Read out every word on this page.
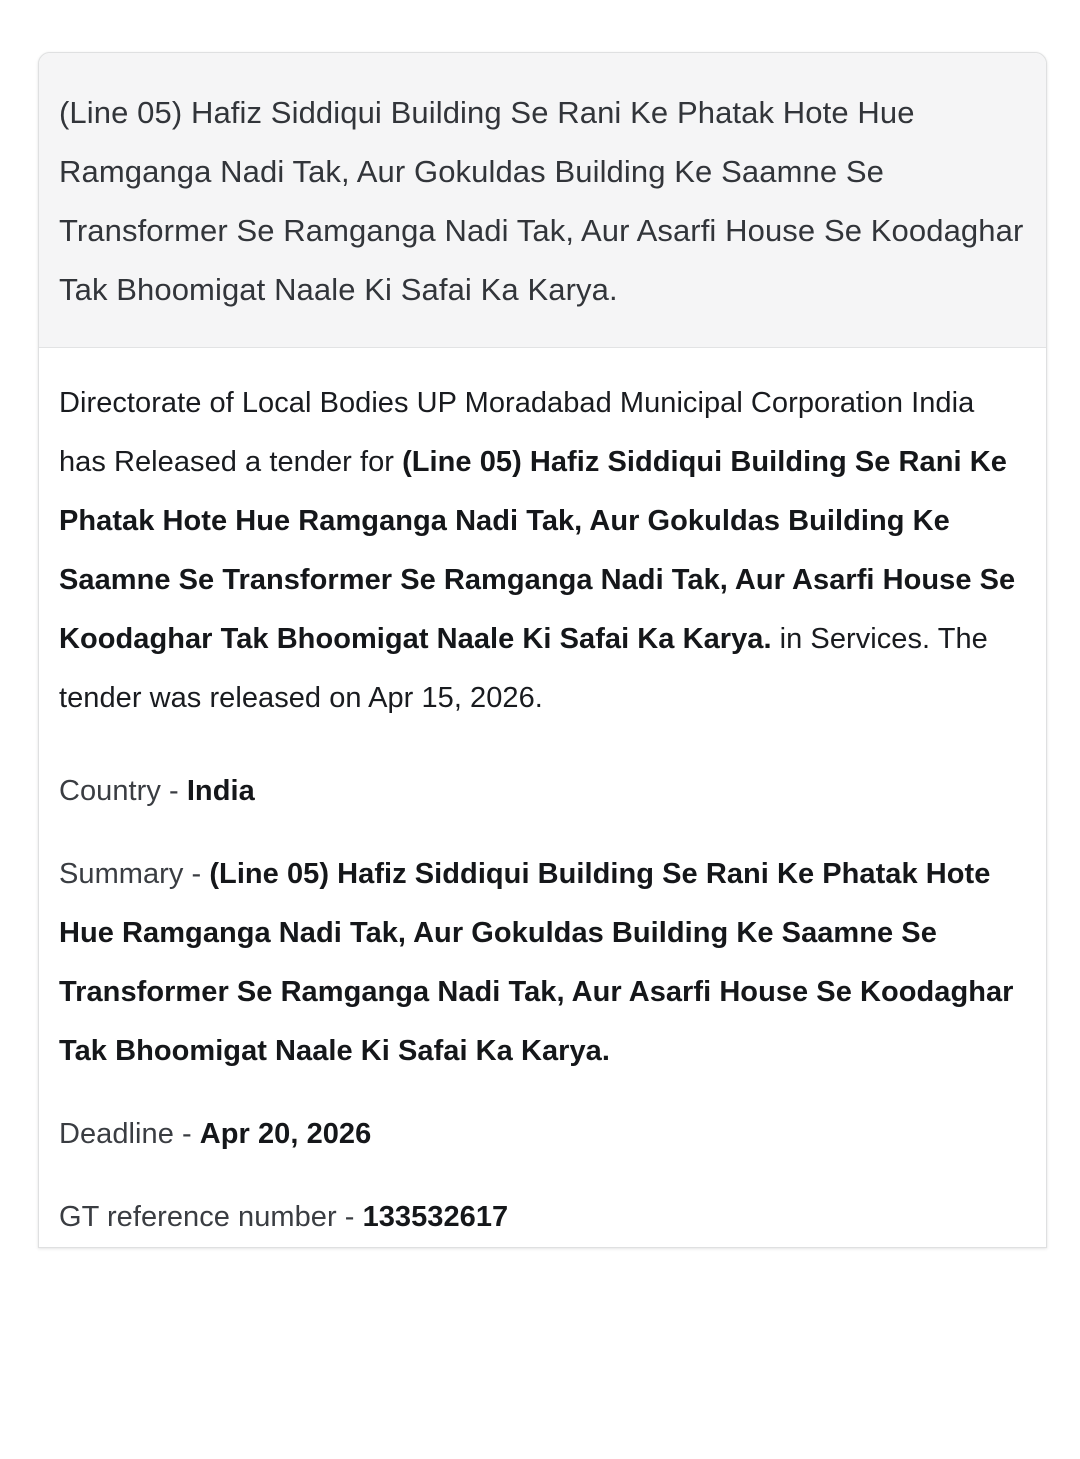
(Line 05) Hafiz Siddiqui Building Se Rani Ke Phatak Hote Hue Ramganga Nadi Tak, Aur Gokuldas Building Ke Saamne Se Transformer Se Ramganga Nadi Tak, Aur Asarfi House Se Koodaghar Tak Bhoomigat Naale Ki Safai Ka Karya.

Directorate of Local Bodies UP Moradabad Municipal Corporation India has Released a tender for (Line 05) Hafiz Siddiqui Building Se Rani Ke Phatak Hote Hue Ramganga Nadi Tak, Aur Gokuldas Building Ke Saamne Se Transformer Se Ramganga Nadi Tak, Aur Asarfi House Se Koodaghar Tak Bhoomigat Naale Ki Safai Ka Karya. in Services. The tender was released on Apr 15, 2026.

Country - India

Summary - (Line 05) Hafiz Siddiqui Building Se Rani Ke Phatak Hote Hue Ramganga Nadi Tak, Aur Gokuldas Building Ke Saamne Se Transformer Se Ramganga Nadi Tak, Aur Asarfi House Se Koodaghar Tak Bhoomigat Naale Ki Safai Ka Karya.

Deadline - Apr 20, 2026

GT reference number - 133532617
